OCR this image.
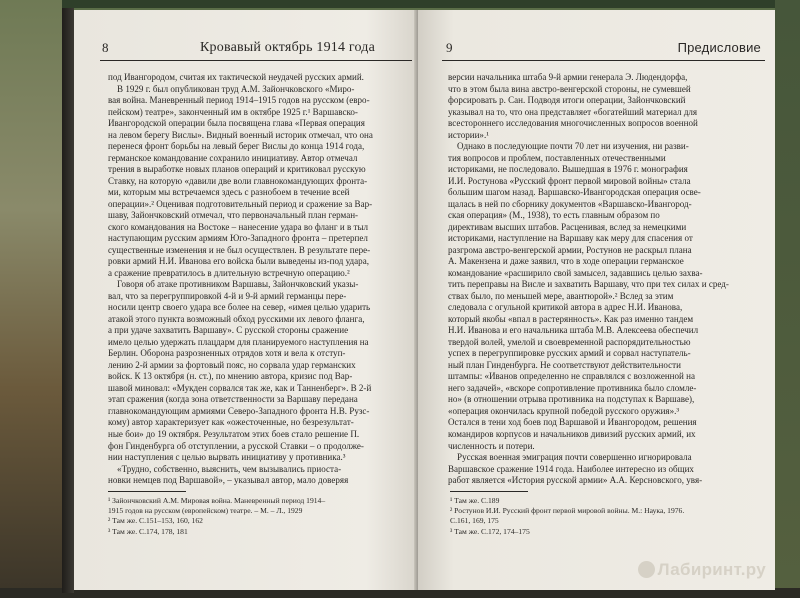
8	Кровавый октябрь 1914 года
под Ивангородом, считая их тактической неудачей русских армий.
В 1929 г. был опубликован труд А.М. Зайончковского «Миро-
вая война. Маневренный период 1914–1915 годов на русском (евро-
пейском) театре», законченный им в октябре 1925 г.¹ Варшавско-
Ивангородской операции была посвящена глава «Первая операция
на левом берегу Вислы». Видный военный историк отмечал, что она
перенеся фронт борьбы на левый берег Вислы до конца 1914 года,
германское командование сохранило инициативу. Автор отмечал
трения в выработке новых планов операций и критиковал русскую
Ставку, на которую «давили две воли главнокомандующих фронта-
ми, которым мы встречаемся здесь с разнобоем в течение всей
операции».² Оценивая подготовительный период и сражение за Вар-
шаву, Зайончковский отмечал, что первоначальный план герман-
ского командования на Востоке – нанесение удара во фланг и в тыл
наступающим русским армиям Юго-Западного фронта – претерпел
существенные изменения и не был осуществлен. В результате пере-
ровки армий Н.И. Иванова его войска были выведены из-под удара,
а сражение превратилось в длительную встречную операцию.²
Говоря об атаке противником Варшавы, Зайончковский указы-
вал, что за перегруппировкой 4-й и 9-й армий германцы пере-
носили центр своего удара все более на север, «имея целью ударить
атакой этого пункта возможный обход русскими их левого фланга,
а при удаче захватить Варшаву». С русской стороны сражение
имело целью удержать плацдарм для планируемого наступления на
Берлин. Оборона разрозненных отрядов хотя и вела к отступ-
лению 2-й армии за фортовый пояс, но сорвала удар германских
войск. К 13 октября (н. ст.), по мнению автора, кризис под Вар-
шавой миновал: «Мукден сорвался так же, как и Танненберг». В 2-й
этап сражения (когда зона ответственности за Варшаву передана
главнокомандующим армиями Северо-Западного фронта Н.В. Рузс-
кому) автор характеризует как «ожесточенные, но безрезультат-
ные бои» до 19 октября. Результатом этих боев стало решение П.
фон Гинденбурга об отступлении, а русской Ставки – о продолже-
нии наступления с целью вырвать инициативу у противника.³
«Трудно, собственно, выяснить, чем вызывались приоста-
новки немцев под Варшавой», – указывал автор, мало доверяя
¹ Зайончковский А.М. Мировая война. Маневренный период 1914–
1915 годов на русском (европейском) театре. – М. – Л., 1929
² Там же. С.151–153, 160, 162
³ Там же. С.174, 178, 181
9	Предисловие
версии начальника штаба 9-й армии генерала Э. Людендорфа,
что в этом была вина австро-венгерской стороны, не сумевшей
форсировать р. Сан. Подводя итоги операции, Зайончковский
указывал на то, что она представляет «богатейший материал для
всестороннего исследования многочисленных вопросов военной
истории».¹
Однако в последующие почти 70 лет ни изучения, ни разви-
тия вопросов и проблем, поставленных отечественными
историками, не последовало. Вышедшая в 1976 г. монография
И.И. Ростунова «Русский фронт первой мировой войны» стала
большим шагом назад. Варшавско-Ивангородская операция осве-
щалась в ней по сборнику документов «Варшавско-Ивангород-
ская операция» (М., 1938), то есть главным образом по
директивам высших штабов. Расценивая, вслед за немецкими
историками, наступление на Варшаву как меру для спасения от
разгрома австро-венгерской армии, Ростунов не раскрыл плана
А. Макензена и даже заявил, что в ходе операции германское
командование «расширило свой замысел, задавшись целью захва-
тить переправы на Висле и захватить Варшаву, что при тех силах и сред-
ствах было, по меньшей мере, авантюрой».² Вслед за этим
следовала с огульной критикой автора в адрес Н.И. Иванова,
который якобы «впал в растерянность». Как раз именно тандем
Н.И. Иванова и его начальника штаба М.В. Алексеева обеспечил
твердой волей, умелой и своевременной распорядительностью
успех в перегруппировке русских армий и сорвал наступатель-
ный план Гинденбурга. Не соответствуют действительности
штампы: «Иванов определенно не справлялся с возложенной на
него задачей», «вскоре сопротивление противника было сломле-
но» (в отношении отрыва противника на подступах к Варшаве),
«операция окончилась крупной победой русского оружия».³
Остался в тени ход боев под Варшавой и Ивангородом, решения
командиров корпусов и начальников дивизий русских армий, их
численность и потери.
Русская военная эмиграция почти совершенно игнорировала
Варшавское сражение 1914 года. Наиболее интересно из общих
работ является «История русской армии» А.А. Керсновского, увя-
¹ Там же. С.189
² Ростунов И.И. Русский фронт первой мировой войны. М.: Наука, 1976.
С.161, 169, 175
³ Там же. С.172, 174–175
Лабиринт.ру
